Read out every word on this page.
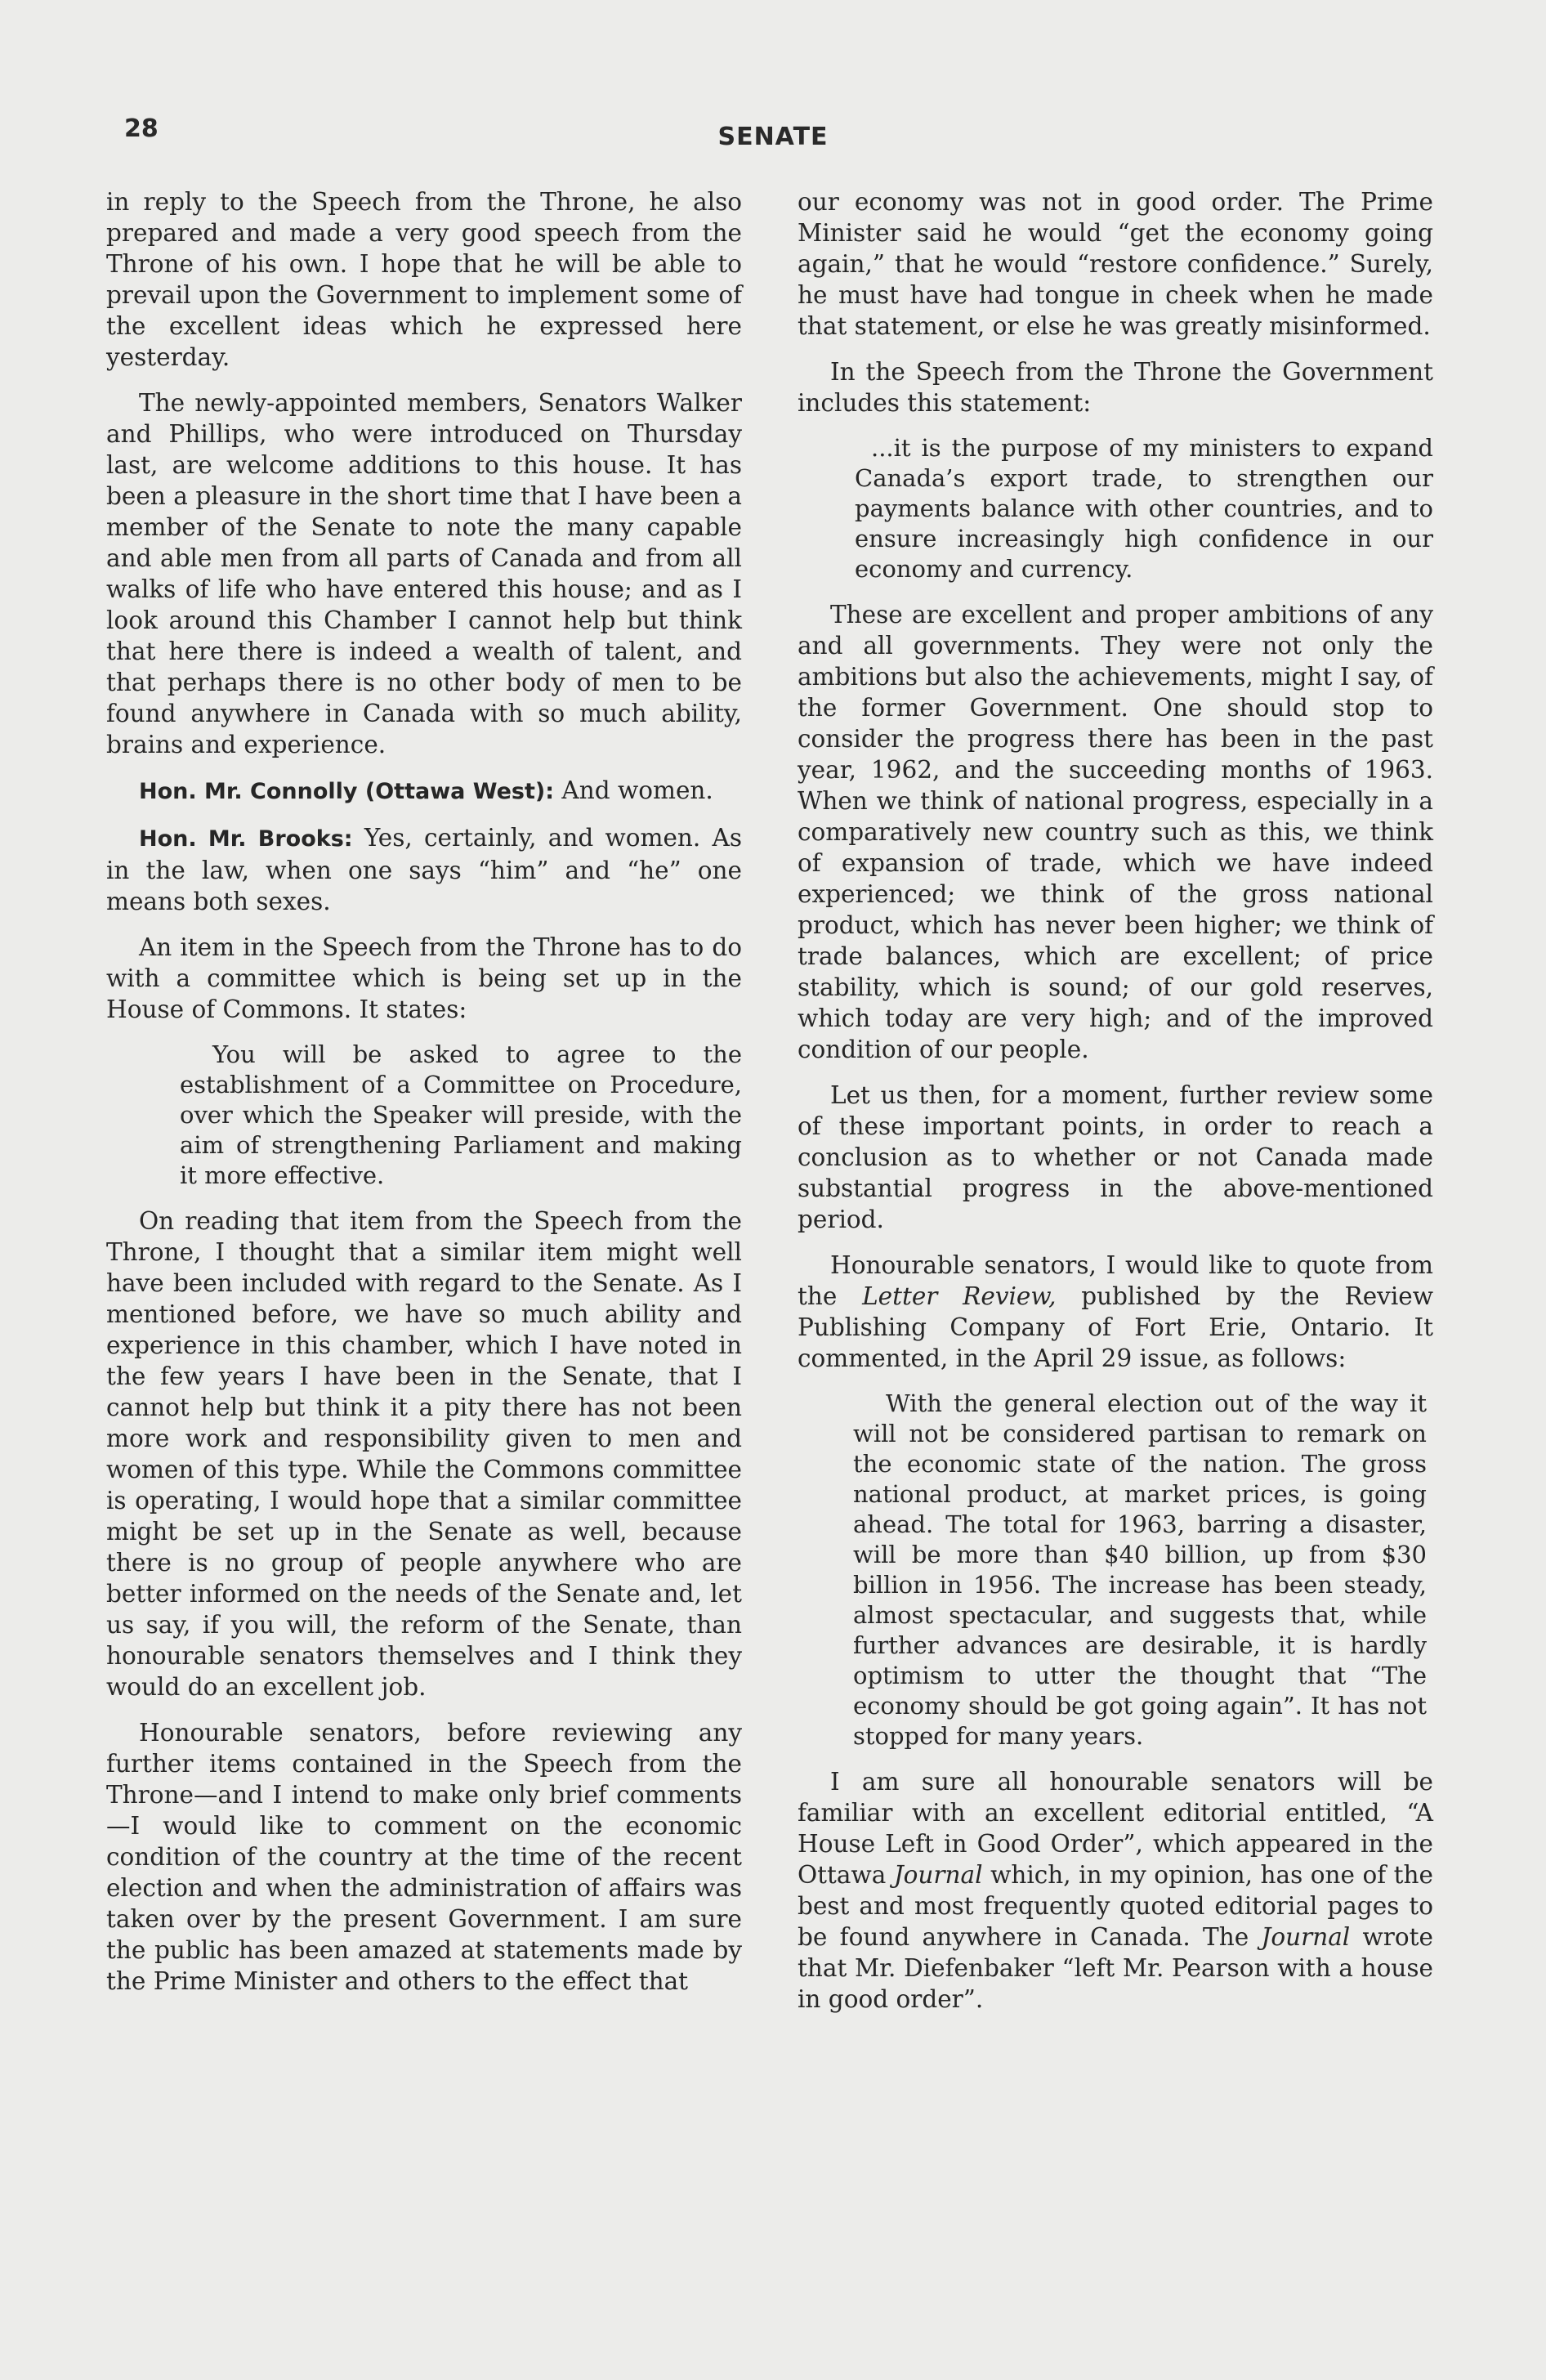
28	SENATE

in reply to the Speech from the Throne, he also prepared and made a very good speech from the Throne of his own. I hope that he will be able to prevail upon the Government to implement some of the excellent ideas which he expressed here yesterday.

The newly-appointed members, Senators Walker and Phillips, who were introduced on Thursday last, are welcome additions to this house. It has been a pleasure in the short time that I have been a member of the Senate to note the many capable and able men from all parts of Canada and from all walks of life who have entered this house; and as I look around this Chamber I cannot help but think that here there is indeed a wealth of talent, and that perhaps there is no other body of men to be found anywhere in Canada with so much ability, brains and experience.

Hon. Mr. Connolly (Ottawa West): And women.

Hon. Mr. Brooks: Yes, certainly, and women. As in the law, when one says “him” and “he” one means both sexes.

An item in the Speech from the Throne has to do with a committee which is being set up in the House of Commons. It states:

You will be asked to agree to the establishment of a Committee on Procedure, over which the Speaker will preside, with the aim of strengthening Parliament and making it more effective.

On reading that item from the Speech from the Throne, I thought that a similar item might well have been included with regard to the Senate. As I mentioned before, we have so much ability and experience in this chamber, which I have noted in the few years I have been in the Senate, that I cannot help but think it a pity there has not been more work and responsibility given to men and women of this type. While the Commons committee is operating, I would hope that a similar committee might be set up in the Senate as well, because there is no group of people anywhere who are better informed on the needs of the Senate and, let us say, if you will, the reform of the Senate, than honourable senators themselves and I think they would do an excellent job.

Honourable senators, before reviewing any further items contained in the Speech from the Throne—and I intend to make only brief comments—I would like to comment on the economic condition of the country at the time of the recent election and when the administration of affairs was taken over by the present Government. I am sure the public has been amazed at statements made by the Prime Minister and others to the effect that

our economy was not in good order. The Prime Minister said he would “get the economy going again,” that he would “restore confidence.” Surely, he must have had tongue in cheek when he made that statement, or else he was greatly misinformed.

In the Speech from the Throne the Government includes this statement:

...it is the purpose of my ministers to expand Canada’s export trade, to strengthen our payments balance with other countries, and to ensure increasingly high confidence in our economy and currency.

These are excellent and proper ambitions of any and all governments. They were not only the ambitions but also the achievements, might I say, of the former Government. One should stop to consider the progress there has been in the past year, 1962, and the succeeding months of 1963. When we think of national progress, especially in a comparatively new country such as this, we think of expansion of trade, which we have indeed experienced; we think of the gross national product, which has never been higher; we think of trade balances, which are excellent; of price stability, which is sound; of our gold reserves, which today are very high; and of the improved condition of our people.

Let us then, for a moment, further review some of these important points, in order to reach a conclusion as to whether or not Canada made substantial progress in the above-mentioned period.

Honourable senators, I would like to quote from the Letter Review, published by the Review Publishing Company of Fort Erie, Ontario. It commented, in the April 29 issue, as follows:

With the general election out of the way it will not be considered partisan to remark on the economic state of the nation. The gross national product, at market prices, is going ahead. The total for 1963, barring a disaster, will be more than $40 billion, up from $30 billion in 1956. The increase has been steady, almost spectacular, and suggests that, while further advances are desirable, it is hardly optimism to utter the thought that “The economy should be got going again”. It has not stopped for many years.

I am sure all honourable senators will be familiar with an excellent editorial entitled, “A House Left in Good Order”, which appeared in the Ottawa Journal which, in my opinion, has one of the best and most frequently quoted editorial pages to be found anywhere in Canada. The Journal wrote that Mr. Diefenbaker “left Mr. Pearson with a house in good order”.
